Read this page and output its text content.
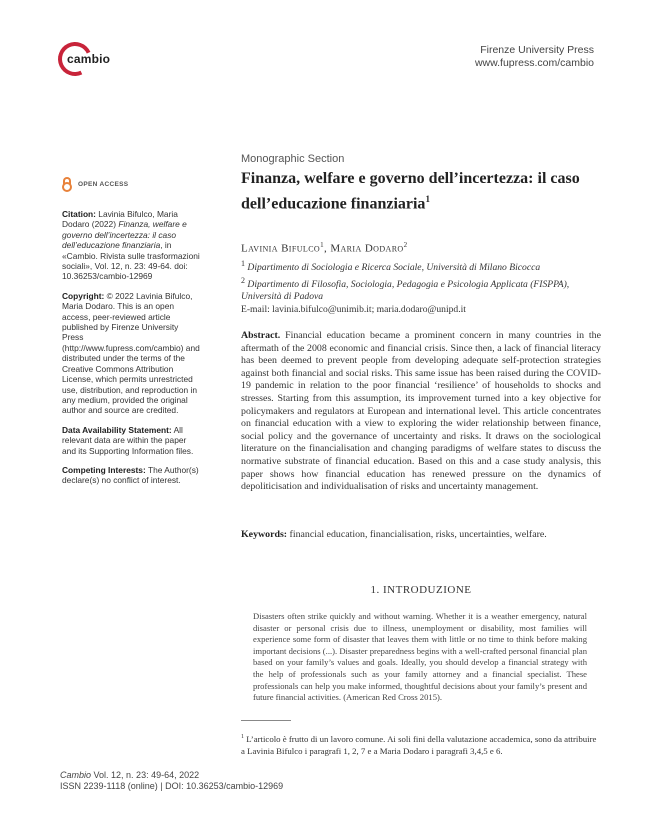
cambio
Firenze University Press
www.fupress.com/cambio
OPEN ACCESS

Citation: Lavinia Bifulco, Maria Dodaro (2022) Finanza, welfare e governo dell’incertezza: il caso dell’educazione finanziaria, in «Cambio. Rivista sulle trasformazioni sociali», Vol. 12, n. 23: 49-64. doi: 10.36253/cambio-12969

Copyright: © 2022 Lavinia Bifulco, Maria Dodaro. This is an open access, peer-reviewed article published by Firenze University Press (http://www.fupress.com/cambio) and distributed under the terms of the Creative Commons Attribution License, which permits unrestricted use, distribution, and reproduction in any medium, provided the original author and source are credited.

Data Availability Statement: All relevant data are within the paper and its Supporting Information files.

Competing Interests: The Author(s) declare(s) no conflict of interest.

Monographic Section
Finanza, welfare e governo dell’incertezza: il caso dell’educazione finanziaria$^1$
Lavinia Bifulco$^1$, Maria Dodaro$^2$
$^1$ Dipartimento di Sociologia e Ricerca Sociale, Università di Milano Bicocca
$^2$ Dipartimento di Filosofia, Sociologia, Pedagogia e Psicologia Applicata (FISPPA), Università di Padova
E-mail: lavinia.bifulco@unimib.it; maria.dodaro@unipd.it
Abstract. Financial education became a prominent concern in many countries in the aftermath of the 2008 economic and financial crisis. Since then, a lack of financial literacy has been deemed to prevent people from developing adequate self-protection strategies against both financial and social risks. This same issue has been raised during the COVID-19 pandemic in relation to the poor financial ‘resilience’ of households to shocks and stresses. Starting from this assumption, its improvement turned into a key objective for policymakers and regulators at European and international level. This article concentrates on financial education with a view to exploring the wider relationship between finance, social policy and the governance of uncertainty and risks. It draws on the sociological literature on the financialisation and changing paradigms of welfare states to discuss the normative substrate of financial education. Based on this and a case study analysis, this paper shows how financial education has renewed pressure on the dynamics of depoliticisation and individualisation of risks and uncertainty management.
Keywords: financial education, financialisation, risks, uncertainties, welfare.
1. INTRODUZIONE
Disasters often strike quickly and without warning. Whether it is a weather emergency, natural disaster or personal crisis due to illness, unemployment or disability, most families will experience some form of disaster that leaves them with little or no time to think before making important decisions (...). Disaster preparedness begins with a well-crafted personal financial plan based on your family’s values and goals. Ideally, you should develop a financial strategy with the help of professionals such as your family attorney and a financial specialist. These professionals can help you make informed, thoughtful decisions about your family’s present and future financial activities. (American Red Cross 2015).
$^1$ L’articolo è frutto di un lavoro comune. Ai soli fini della valutazione accademica, sono da attribuire a Lavinia Bifulco i paragrafi 1, 2, 7 e a Maria Dodaro i paragrafi 3,4,5 e 6.
Cambio Vol. 12, n. 23: 49-64, 2022
ISSN 2239-1118 (online) | DOI: 10.36253/cambio-12969
